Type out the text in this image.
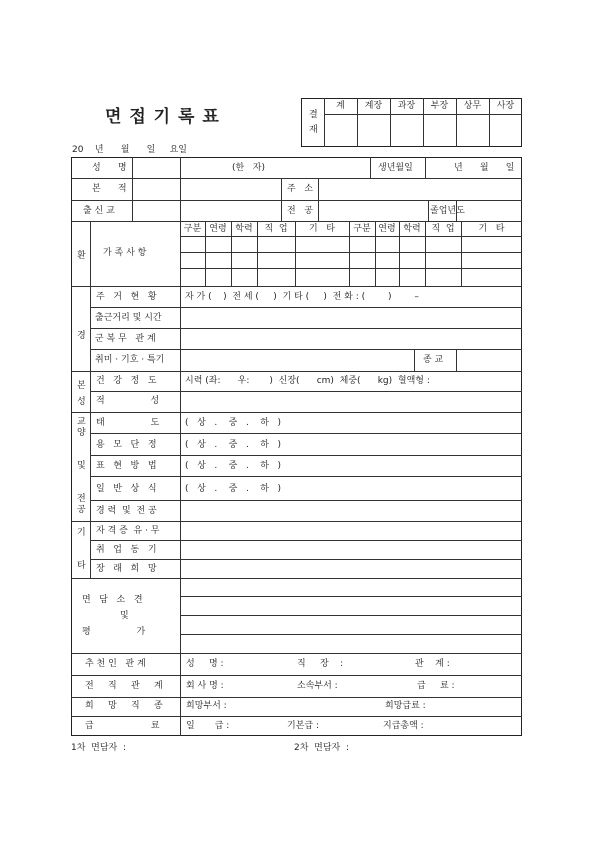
면 접 기 록 표	결
재
계	계장	과장	부장	상무	사장
20    년      월      일     요일
성      명	(한   자)	생년월일	년      월      일
본      적	주   소
출 신 교	전   공	졸업년도
환
경
가 족 사 항
구분 연령 학력	직  업	기   타	구분 연령 학력	직  업	기   타
주   거   현   황	자 가 (    )  전 세 (     )  기 타 (     )  전 화 : (        )        –
출근거리 및 시간
군 복 무   관 계
취미 · 기호 · 특기	종 교
본
성
건   강   정   도	시력 (좌:      우:       )  신장(      cm)  체중(      kg)  혈액형 :
적                성
교
양

및

전
공
태                도	(   상   .    중   .    하   )
용   모   단   정	(   상   .    중   .    하   )
표   현   방   법	(   상   .    중   .    하   )
일   반   상   식	(   상   .    중   .    하   )
경 력  및  전 공
기

타
자 격 증  유 · 무
취   업   동   기
장   래   희   망
면   담   소   견
및
평                가
추 천 인   관 계	성     명 :	직     장    :	관    계 :
전     직     관     계	회 사 명 :	소속부서 :	급     료 :
희     망     직     종	희망부서 :	희망급료 :
급                    료	일       급 :	기본급 :	지급총액 :
1차  면담자  :	2차  면담자  :
